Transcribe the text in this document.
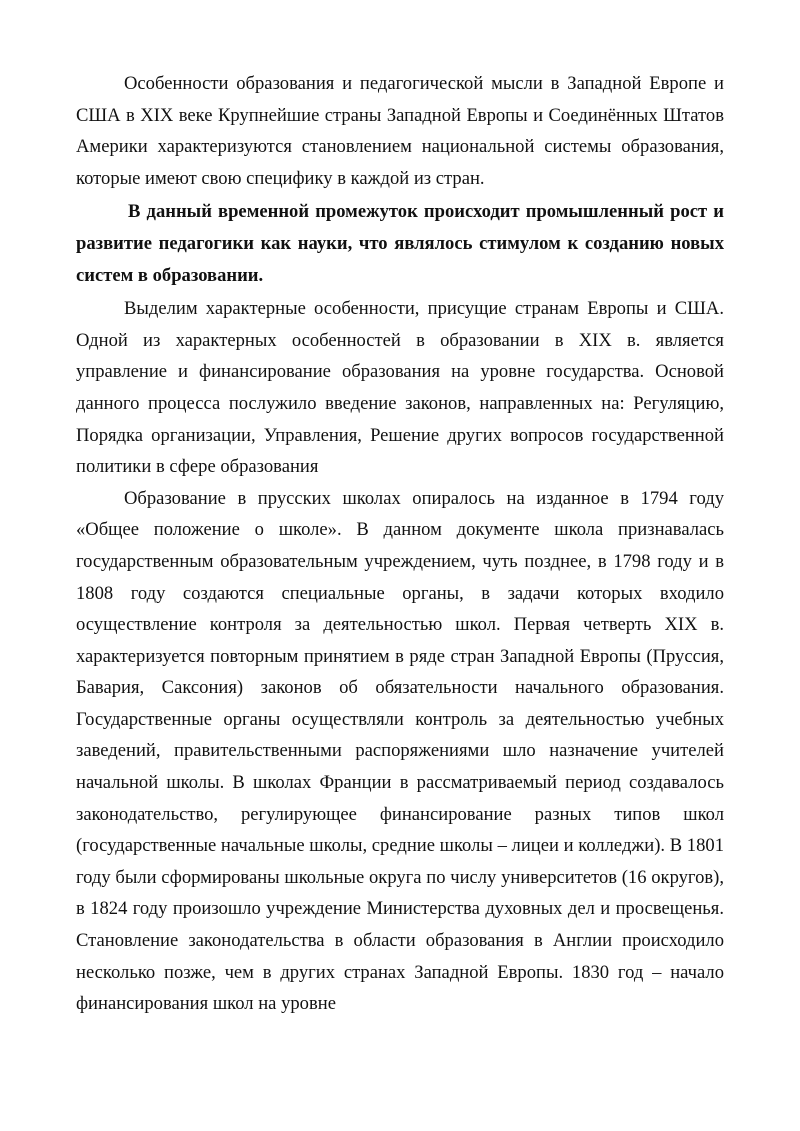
Особенности образования и педагогической мысли в Западной Европе и США в XIX веке Крупнейшие страны Западной Европы и Соединённых Штатов Америки характеризуются становлением национальной системы образования, которые имеют свою специфику в каждой из стран.

В данный временной промежуток происходит промышленный рост и развитие педагогики как науки, что являлось стимулом к созданию новых систем в образовании.

Выделим характерные особенности, присущие странам Европы и США. Одной из характерных особенностей в образовании в XIX в. является управление и финансирование образования на уровне государства. Основой данного процесса послужило введение законов, направленных на: Регуляцию, Порядка организации, Управления, Решение других вопросов государственной политики в сфере образования

Образование в прусских школах опиралось на изданное в 1794 году «Общее положение о школе». В данном документе школа признавалась государственным образовательным учреждением, чуть позднее, в 1798 году и в 1808 году создаются специальные органы, в задачи которых входило осуществление контроля за деятельностью школ. Первая четверть XIX в. характеризуется повторным принятием в ряде стран Западной Европы (Пруссия, Бавария, Саксония) законов об обязательности начального образования. Государственные органы осуществляли контроль за деятельностью учебных заведений, правительственными распоряжениями шло назначение учителей начальной школы. В школах Франции в рассматриваемый период создавалось законодательство, регулирующее финансирование разных типов школ (государственные начальные школы, средние школы – лицеи и колледжи). В 1801 году были сформированы школьные округа по числу университетов (16 округов), в 1824 году произошло учреждение Министерства духовных дел и просвещенья. Становление законодательства в области образования в Англии происходило несколько позже, чем в других странах Западной Европы. 1830 год – начало финансирования школ на уровне
